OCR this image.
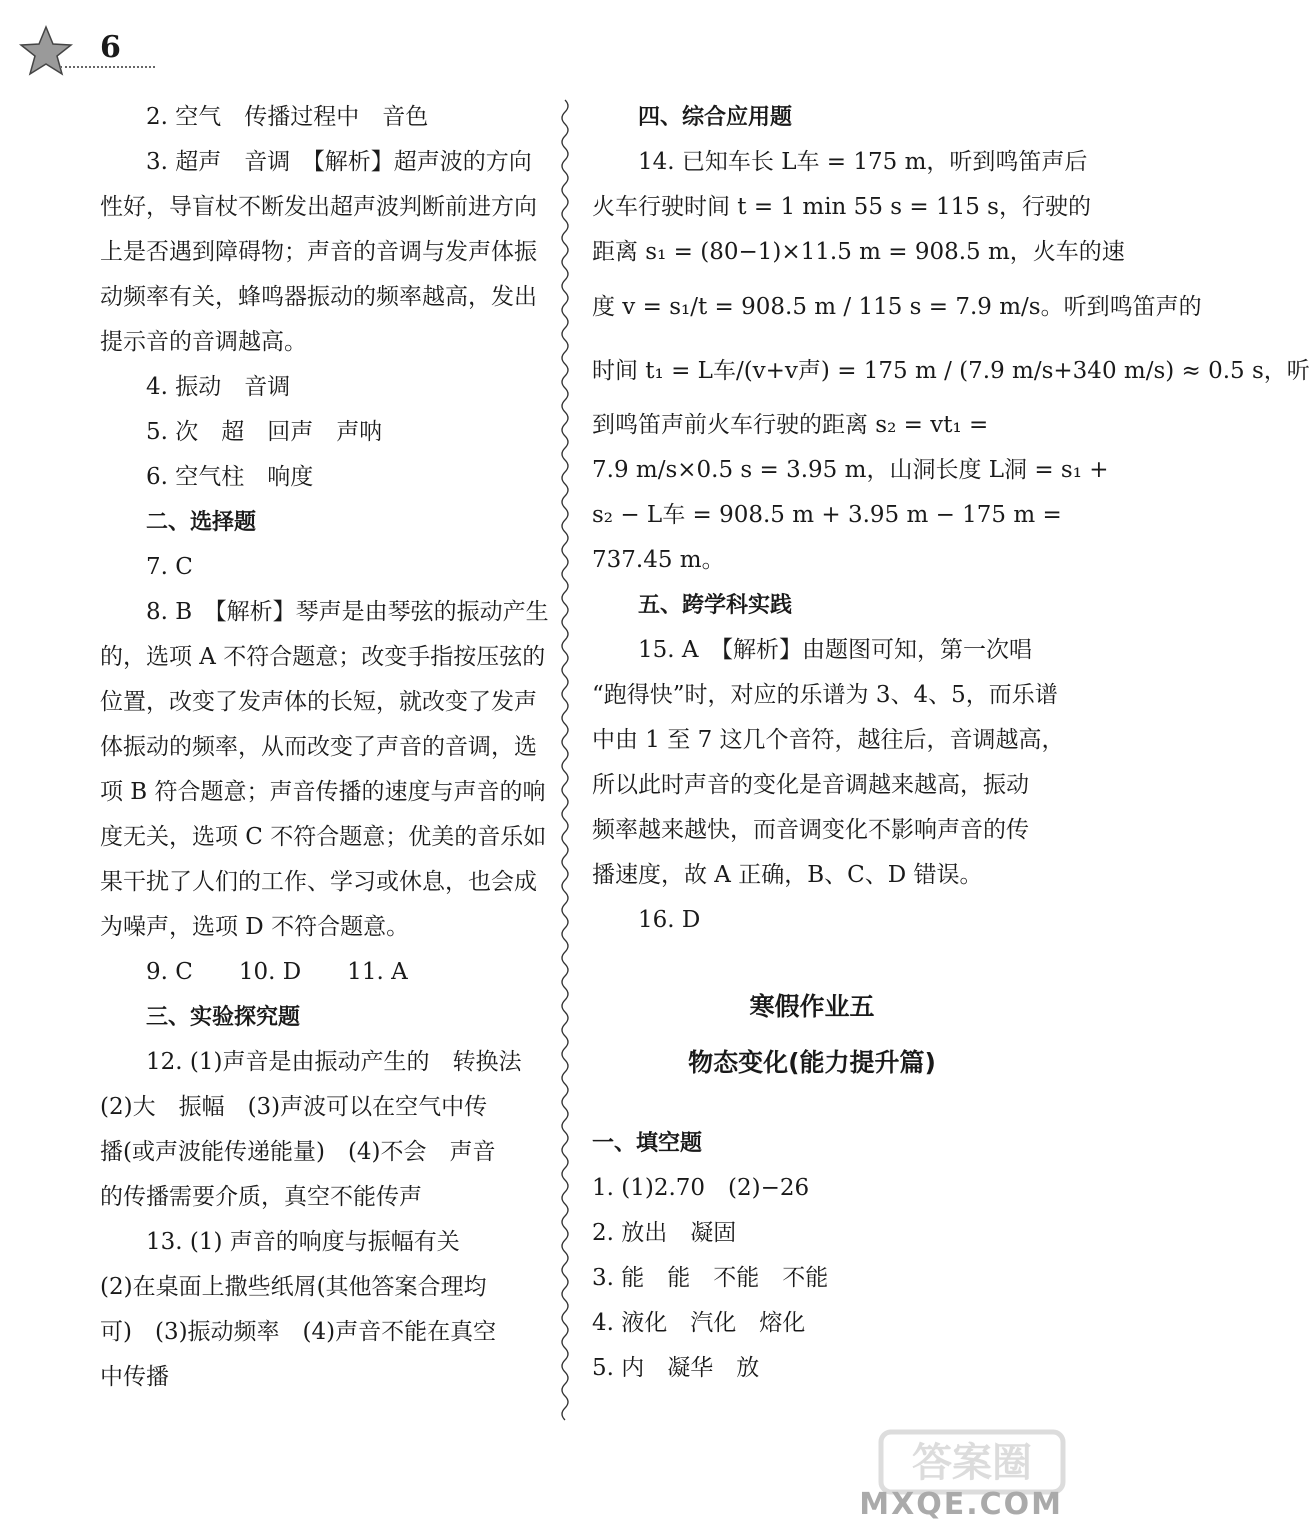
6
2. 空气　传播过程中　音色
3. 超声　音调　【解析】超声波的方向
性好，导盲杖不断发出超声波判断前进方向
上是否遇到障碍物；声音的音调与发声体振
动频率有关，蜂鸣器振动的频率越高，发出
提示音的音调越高。
4. 振动　音调
5. 次　超　回声　声呐
6. 空气柱　响度
二、选择题
7. C
8. B　【解析】琴声是由琴弦的振动产生
的，选项 A 不符合题意；改变手指按压弦的
位置，改变了发声体的长短，就改变了发声
体振动的频率，从而改变了声音的音调，选
项 B 符合题意；声音传播的速度与声音的响
度无关，选项 C 不符合题意；优美的音乐如
果干扰了人们的工作、学习或休息，也会成
为噪声，选项 D 不符合题意。
9. C　　10. D　　11. A
三、实验探究题
12. (1)声音是由振动产生的　转换法
(2)大　振幅　(3)声波可以在空气中传
播(或声波能传递能量)　(4)不会　声音
的传播需要介质，真空不能传声
13. (1) 声音的响度与振幅有关
(2)在桌面上撒些纸屑(其他答案合理均
可)　(3)振动频率　(4)声音不能在真空
中传播
四、综合应用题
14. 已知车长 L车 = 175 m，听到鸣笛声后
火车行驶时间 t = 1 min 55 s = 115 s，行驶的
距离 s₁ = (80−1)×11.5 m = 908.5 m，火车的速
度 v = s₁/t = 908.5 m / 115 s = 7.9 m/s。听到鸣笛声的
时间 t₁ = L车/(v+v声) = 175 m / (7.9 m/s+340 m/s) ≈ 0.5 s，听
到鸣笛声前火车行驶的距离 s₂ = vt₁ =
7.9 m/s×0.5 s = 3.95 m，山洞长度 L洞 = s₁ +
s₂ − L车 = 908.5 m + 3.95 m − 175 m =
737.45 m。
五、跨学科实践
15. A　【解析】由题图可知，第一次唱
“跑得快”时，对应的乐谱为 3、4、5，而乐谱
中由 1 至 7 这几个音符，越往后，音调越高，
所以此时声音的变化是音调越来越高，振动
频率越来越快，而音调变化不影响声音的传
播速度，故 A 正确，B、C、D 错误。
16. D
寒假作业五
物态变化(能力提升篇)
一、填空题
1. (1)2.70　(2)−26
2. 放出　凝固
3. 能　能　不能　不能
4. 液化　汽化　熔化
5. 内　凝华　放
答案圈
MXQE.COM
